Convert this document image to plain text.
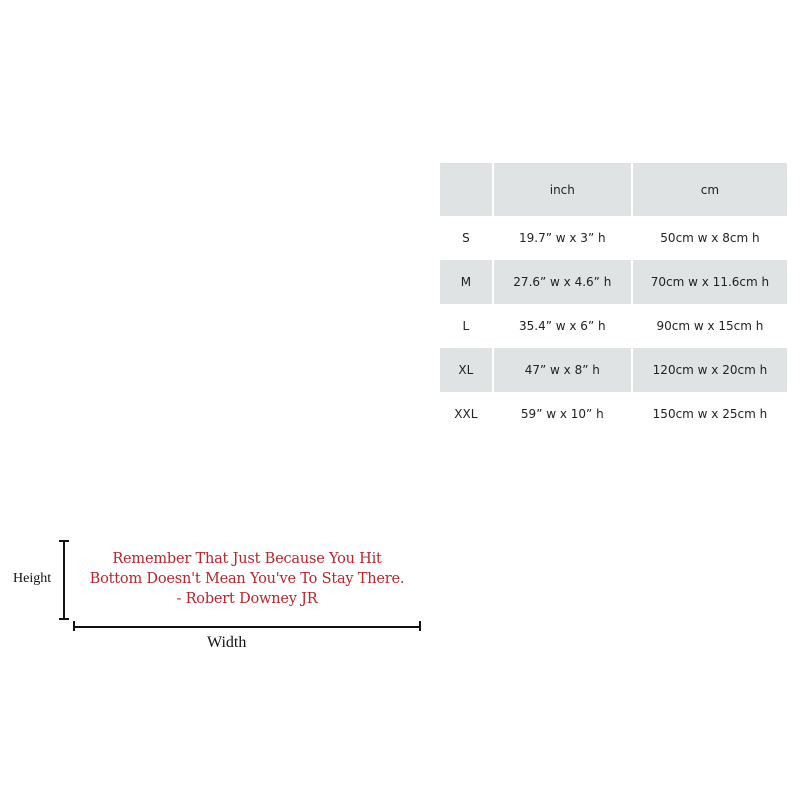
	inch	cm
S	19.7” w x 3” h	50cm w x 8cm h
M	27.6” w x 4.6” h	70cm w x 11.6cm h
L	35.4” w x 6” h	90cm w x 15cm h
XL	47” w x 8” h	120cm w x 20cm h
XXL	59” w x 10” h	150cm w x 25cm h
Remember That Just Because You Hit
Bottom Doesn't Mean You've To Stay There.
- Robert Downey JR
Height
Width
